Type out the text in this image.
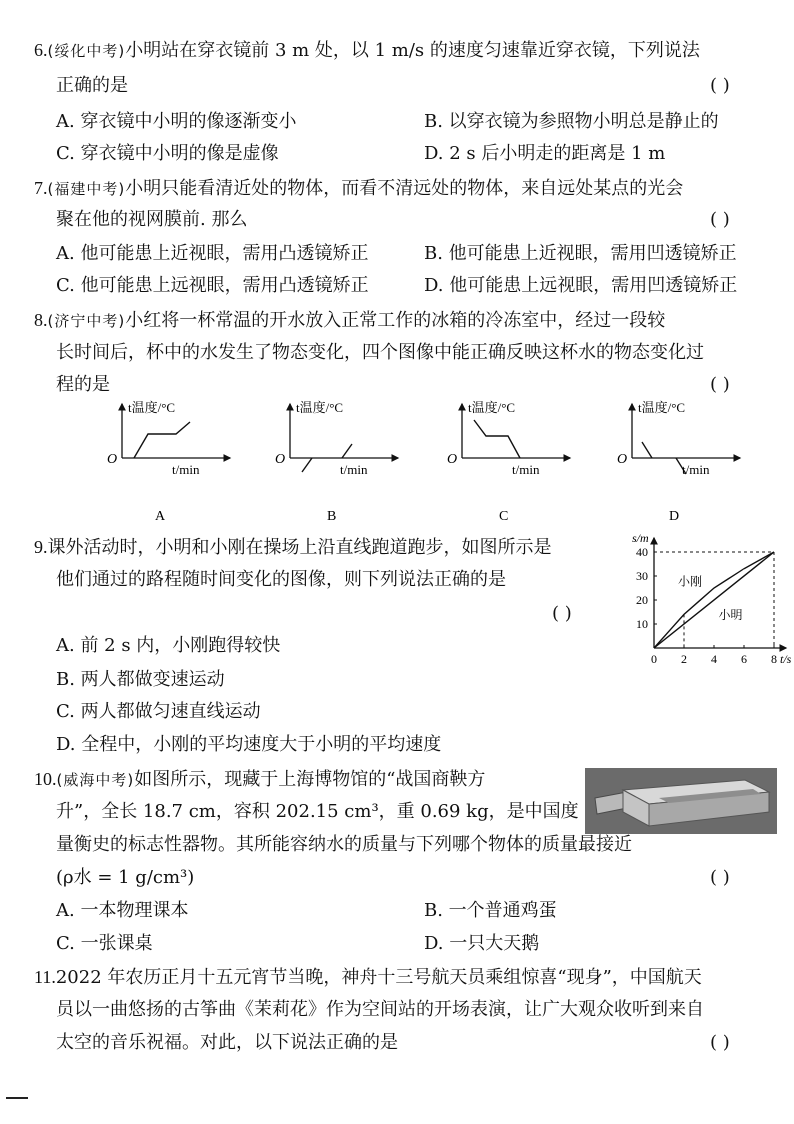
6.(绥化中考)小明站在穿衣镜前 3 m 处，以 1 m/s 的速度匀速靠近穿衣镜，下列说法
正确的是	( )
A. 穿衣镜中小明的像逐渐变小	B. 以穿衣镜为参照物小明总是静止的
C. 穿衣镜中小明的像是虚像	D. 2 s 后小明走的距离是 1 m
7.(福建中考)小明只能看清近处的物体，而看不清远处的物体，来自远处某点的光会
聚在他的视网膜前. 那么	( )
A. 他可能患上近视眼，需用凸透镜矫正	B. 他可能患上近视眼，需用凹透镜矫正
C. 他可能患上远视眼，需用凸透镜矫正	D. 他可能患上远视眼，需用凹透镜矫正
8.(济宁中考)小红将一杯常温的开水放入正常工作的冰箱的冷冻室中，经过一段较
长时间后，杯中的水发生了物态变化，四个图像中能正确反映这杯水的物态变化过
程的是	( )
O
t温度/°C
t/min
A
O
t温度/°C
t/min
B
O
t温度/°C
t/min
C
O
t温度/°C
t/min
D
9.课外活动时，小明和小刚在操场上沿直线跑道跑步，如图所示是
他们通过的路程随时间变化的图像，则下列说法正确的是
( )
A. 前 2 s 内，小刚跑得较快
B. 两人都做变速运动
C. 两人都做匀速直线运动
D. 全程中，小刚的平均速度大于小明的平均速度
s/m
t/s
0 2 4 6 8
10
20
30
40
小刚
小明
10.(威海中考)如图所示，现藏于上海博物馆的“战国商鞅方
升”，全长 18.7 cm，容积 202.15 cm³，重 0.69 kg，是中国度
量衡史的标志性器物。其所能容纳水的质量与下列哪个物体的质量最接近
(ρ水 = 1 g/cm³)	( )
A. 一本物理课本	B. 一个普通鸡蛋
C. 一张课桌	D. 一只大天鹅
11.2022 年农历正月十五元宵节当晚，神舟十三号航天员乘组惊喜“现身”，中国航天
员以一曲悠扬的古筝曲《茉莉花》作为空间站的开场表演，让广大观众收听到来自
太空的音乐祝福。对此，以下说法正确的是	( )
